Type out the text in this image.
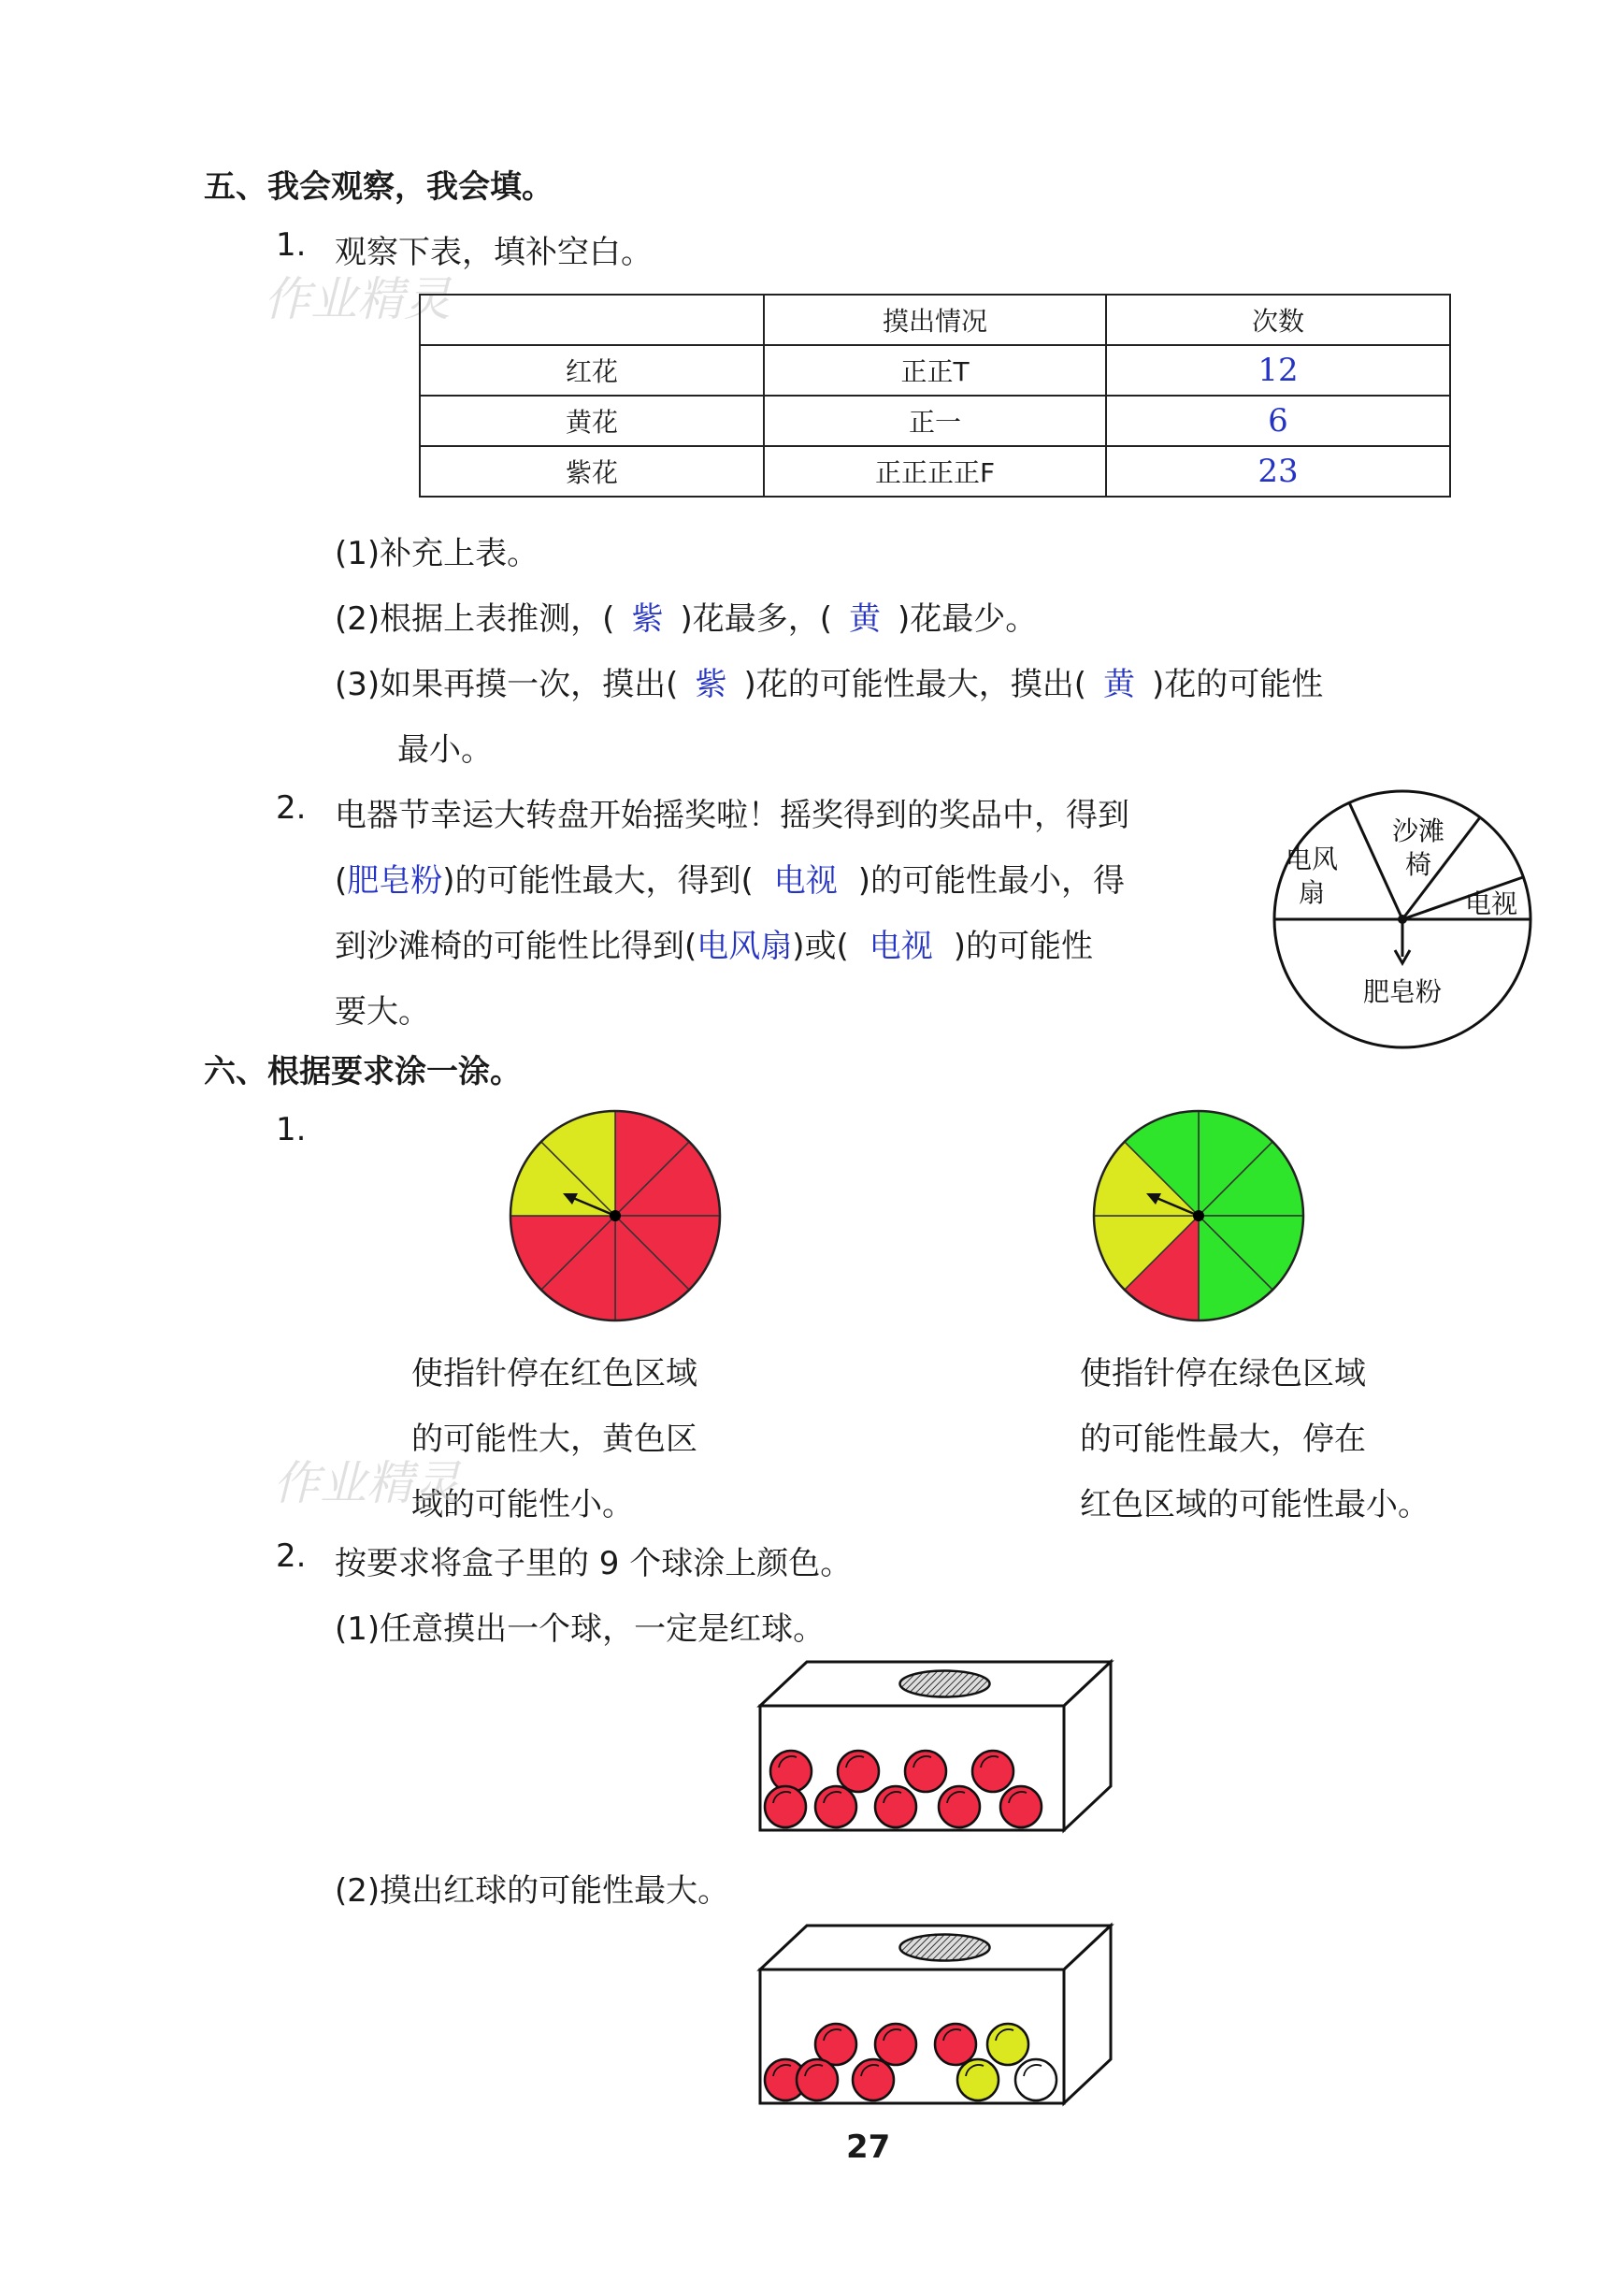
五、我会观察，我会填。
1. 观察下表，填补空白。
作业精灵
		摸出情况	次数
红花	正正T	12
黄花	正一	6
紫花	正正正正F	23
(1)补充上表。
(2)根据上表推测，( 紫 )花最多，( 黄 )花最少。
(3)如果再摸一次，摸出( 紫 )花的可能性最大，摸出( 黄 )花的可能性
最小。
2. 电器节幸运大转盘开始摇奖啦！摇奖得到的奖品中，得到
(肥皂粉)的可能性最大，得到( 电视 )的可能性最小，得
到沙滩椅的可能性比得到(电风扇)或( 电视 )的可能性
要大。
电风
扇
沙滩
椅
电视
肥皂粉
六、根据要求涂一涂。
1.
使指针停在红色区域
的可能性大，黄色区
域的可能性小。
作业精灵
使指针停在绿色区域
的可能性最大，停在
红色区域的可能性最小。
2. 按要求将盒子里的 9 个球涂上颜色。
(1)任意摸出一个球，一定是红球。
(2)摸出红球的可能性最大。
27
